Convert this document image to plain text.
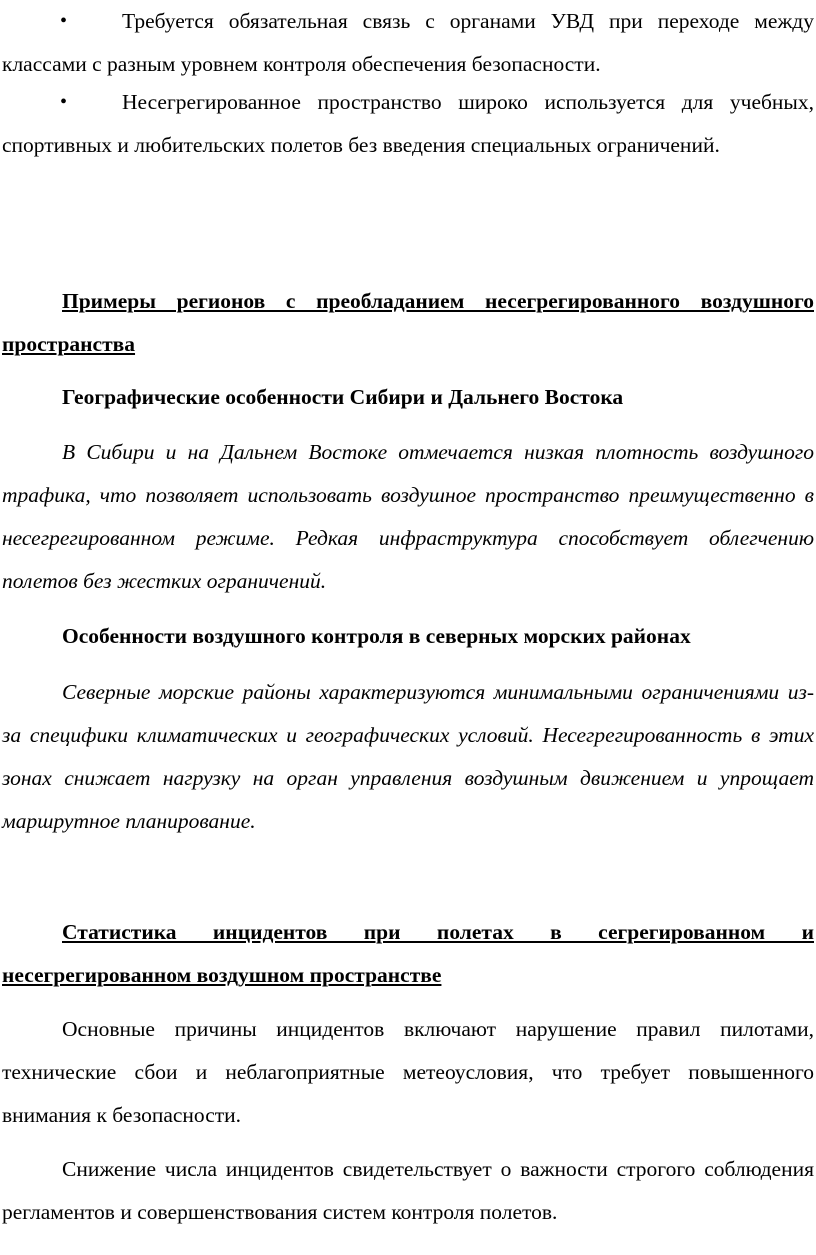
•	Требуется обязательная связь с органами УВД при переходе между классами с разным уровнем контроля обеспечения безопасности.

•	Несегрегированное пространство широко используется для учебных, спортивных и любительских полетов без введения специальных ограничений.

Примеры регионов с преобладанием несегрегированного воздушного пространства

Географические особенности Сибири и Дальнего Востока

В Сибири и на Дальнем Востоке отмечается низкая плотность воздушного трафика, что позволяет использовать воздушное пространство преимущественно в несегрегированном режиме. Редкая инфраструктура способствует облегчению полетов без жестких ограничений.

Особенности воздушного контроля в северных морских районах

Северные морские районы характеризуются минимальными ограничениями из-за специфики климатических и географических условий. Несегрегированность в этих зонах снижает нагрузку на орган управления воздушным движением и упрощает маршрутное планирование.

Статистика инцидентов при полетах в сегрегированном и несегрегированном воздушном пространстве

Основные причины инцидентов включают нарушение правил пилотами, технические сбои и неблагоприятные метеоусловия, что требует повышенного внимания к безопасности.

Снижение числа инцидентов свидетельствует о важности строгого соблюдения регламентов и совершенствования систем контроля полетов.
